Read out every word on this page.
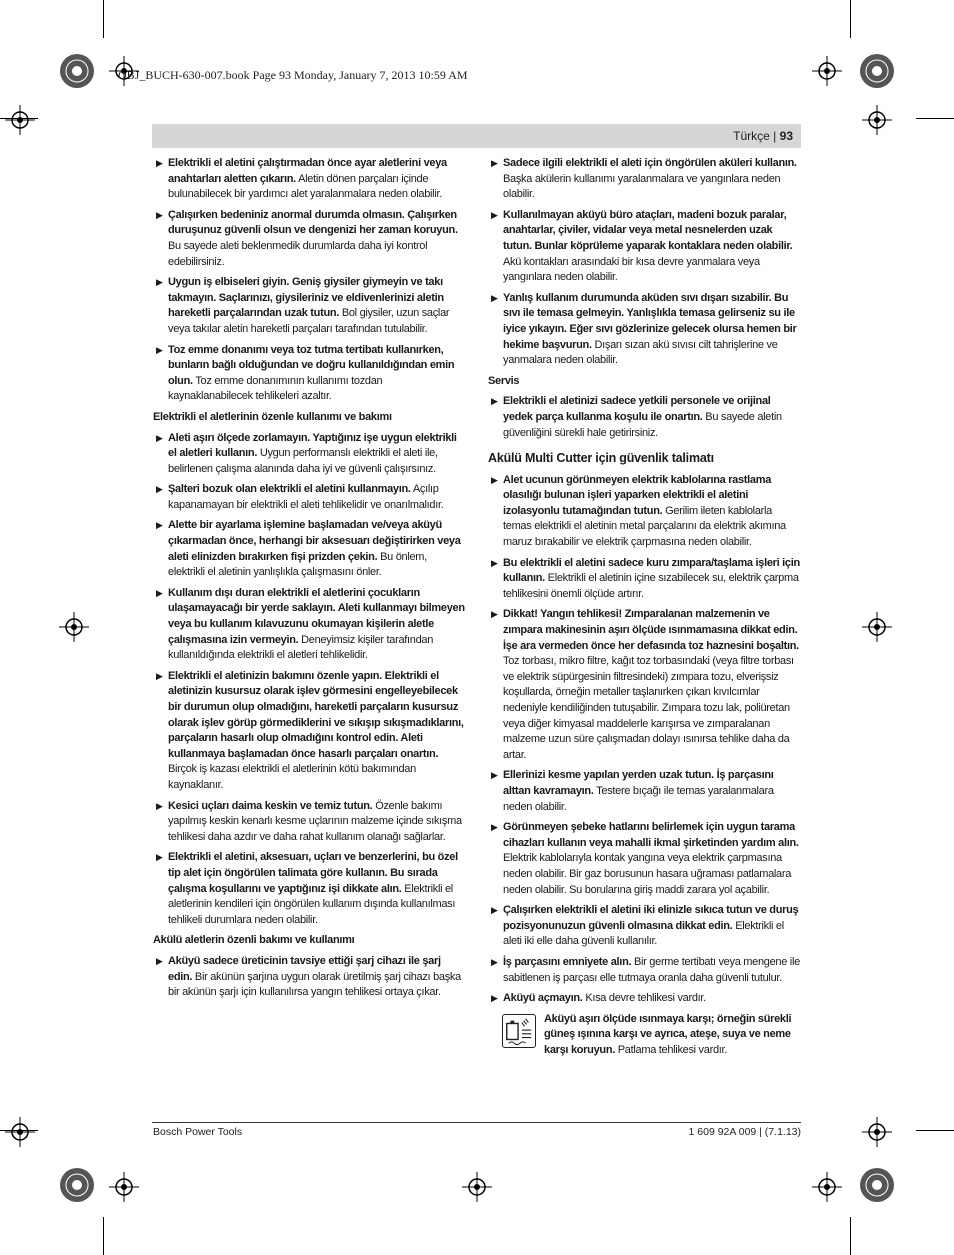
OBJ_BUCH-630-007.book Page 93 Monday, January 7, 2013 10:59 AM
Türkçe | 93
▶ Elektrikli el aletini çalıştırmadan önce ayar aletlerini veya anahtarları aletten çıkarın. Aletin dönen parçaları içinde bulunabilecek bir yardımcı alet yaralanmalara neden olabilir.
▶ Çalışırken bedeniniz anormal durumda olmasın. Çalışırken duruşunuz güvenli olsun ve dengenizi her zaman koruyun. Bu sayede aleti beklenmedik durumlarda daha iyi kontrol edebilirsiniz.
▶ Uygun iş elbiseleri giyin. Geniş giysiler giymeyin ve takı takmayın. Saçlarınızı, giysileriniz ve eldivenlerinizi aletin hareketli parçalarından uzak tutun. Bol giysiler, uzun saçlar veya takılar aletin hareketli parçaları tarafından tutulabilir.
▶ Toz emme donanımı veya toz tutma tertibatı kullanırken, bunların bağlı olduğundan ve doğru kullanıldığından emin olun. Toz emme donanımının kullanımı tozdan kaynaklanabilecek tehlikeleri azaltır.
Elektrikli el aletlerinin özenle kullanımı ve bakımı
▶ Aleti aşırı ölçede zorlamayın. Yaptığınız işe uygun elektrikli el aletleri kullanın. Uygun performanslı elektrikli el aleti ile, belirlenen çalışma alanında daha iyi ve güvenli çalışırsınız.
▶ Şalteri bozuk olan elektrikli el aletini kullanmayın. Açılıp kapanamayan bir elektrikli el aleti tehlikelidir ve onarılmalıdır.
▶ Alette bir ayarlama işlemine başlamadan ve/veya aküyü çıkarmadan önce, herhangi bir aksesuarı değiştirirken veya aleti elinizden bırakırken fişi prizden çekin. Bu önlem, elektrikli el aletinin yanlışlıkla çalışmasını önler.
▶ Kullanım dışı duran elektrikli el aletlerini çocukların ulaşamayacağı bir yerde saklayın. Aleti kullanmayı bilmeyen veya bu kullanım kılavuzunu okumayan kişilerin aletle çalışmasına izin vermeyin. Deneyimsiz kişiler tarafından kullanıldığında elektrikli el aletleri tehlikelidir.
▶ Elektrikli el aletinizin bakımını özenle yapın. Elektrikli el aletinizin kusursuz olarak işlev görmesini engelleyebilecek bir durumun olup olmadığını, hareketli parçaların kusursuz olarak işlev görüp görmediklerini ve sıkışıp sıkışmadıklarını, parçaların hasarlı olup olmadığını kontrol edin. Aleti kullanmaya başlamadan önce hasarlı parçaları onartın. Birçok iş kazası elektrikli el aletlerinin kötü bakımından kaynaklanır.
▶ Kesici uçları daima keskin ve temiz tutun. Özenle bakımı yapılmış keskin kenarlı kesme uçlarının malzeme içinde sıkışma tehlikesi daha azdır ve daha rahat kullanım olanağı sağlarlar.
▶ Elektrikli el aletini, aksesuarı, uçları ve benzerlerini, bu özel tip alet için öngörülen talimata göre kullanın. Bu sırada çalışma koşullarını ve yaptığınız işi dikkate alın. Elektrikli el aletlerinin kendileri için öngörülen kullanım dışında kullanılması tehlikeli durumlara neden olabilir.
Akülü aletlerin özenli bakımı ve kullanımı
▶ Aküyü sadece üreticinin tavsiye ettiği şarj cihazı ile şarj edin. Bir akünün şarjına uygun olarak üretilmiş şarj cihazı başka bir akünün şarjı için kullanılırsa yangın tehlikesi ortaya çıkar.
▶ Sadece ilgili elektrikli el aleti için öngörülen aküleri kullanın. Başka akülerin kullanımı yaralanmalara ve yangınlara neden olabilir.
▶ Kullanılmayan aküyü büro ataçları, madeni bozuk paralar, anahtarlar, çiviler, vidalar veya metal nesnelerden uzak tutun. Bunlar köprüleme yaparak kontaklara neden olabilir. Akü kontakları arasındaki bir kısa devre yanmalara veya yangınlara neden olabilir.
▶ Yanlış kullanım durumunda aküden sıvı dışarı sızabilir. Bu sıvı ile temasa gelmeyin. Yanlışlıkla temasa gelirseniz su ile iyice yıkayın. Eğer sıvı gözlerinize gelecek olursa hemen bir hekime başvurun. Dışarı sızan akü sıvısı cilt tahrişlerine ve yanmalara neden olabilir.
Servis
▶ Elektrikli el aletinizi sadece yetkili personele ve orijinal yedek parça kullanma koşulu ile onartın. Bu sayede aletin güvenliğini sürekli hale getirirsiniz.
Akülü Multi Cutter için güvenlik talimatı
▶ Alet ucunun görünmeyen elektrik kablolarına rastlama olasılığı bulunan işleri yaparken elektrikli el aletini izolasyonlu tutamağından tutun. Gerilim ileten kablolarla temas elektrikli el aletinin metal parçalarını da elektrik akımına maruz bırakabilir ve elektrik çarpmasına neden olabilir.
▶ Bu elektrikli el aletini sadece kuru zımpara/taşlama işleri için kullanın. Elektrikli el aletinin içine sızabilecek su, elektrik çarpma tehlikesini önemli ölçüde artırır.
▶ Dikkat! Yangın tehlikesi! Zımparalanan malzemenin ve zımpara makinesinin aşırı ölçüde ısınmamasına dikkat edin. İşe ara vermeden önce her defasında toz haznesini boşaltın. Toz torbası, mikro filtre, kağıt toz torbasındaki (veya filtre torbası ve elektrik süpürgesinin filtresindeki) zımpara tozu, elverişsiz koşullarda, örneğin metaller taşlanırken çıkan kıvılcımlar nedeniyle kendiliğinden tutuşabilir. Zımpara tozu lak, poliüretan veya diğer kimyasal maddelerle karışırsa ve zımparalanan malzeme uzun süre çalışmadan dolayı ısınırsa tehlike daha da artar.
▶ Ellerinizi kesme yapılan yerden uzak tutun. İş parçasını alttan kavramayın. Testere bıçağı ile temas yaralanmalara neden olabilir.
▶ Görünmeyen şebeke hatlarını belirlemek için uygun tarama cihazları kullanın veya mahalli ikmal şirketinden yardım alın. Elektrik kablolarıyla kontak yangına veya elektrik çarpmasına neden olabilir. Bir gaz borusunun hasara uğraması patlamalara neden olabilir. Su borularına giriş maddi zarara yol açabilir.
▶ Çalışırken elektrikli el aletini iki elinizle sıkıca tutun ve duruş pozisyonunuzun güvenli olmasına dikkat edin. Elektrikli el aleti iki elle daha güvenli kullanılır.
▶ İş parçasını emniyete alın. Bir germe tertibatı veya mengene ile sabitlenen iş parçası elle tutmaya oranla daha güvenli tutulur.
▶ Aküyü açmayın. Kısa devre tehlikesi vardır.
Aküyü aşırı ölçüde ısınmaya karşı; örneğin sürekli güneş ışınına karşı ve ayrıca, ateşe, suya ve neme karşı koruyun. Patlama tehlikesi vardır.
Bosch Power Tools	1 609 92A 009 | (7.1.13)
